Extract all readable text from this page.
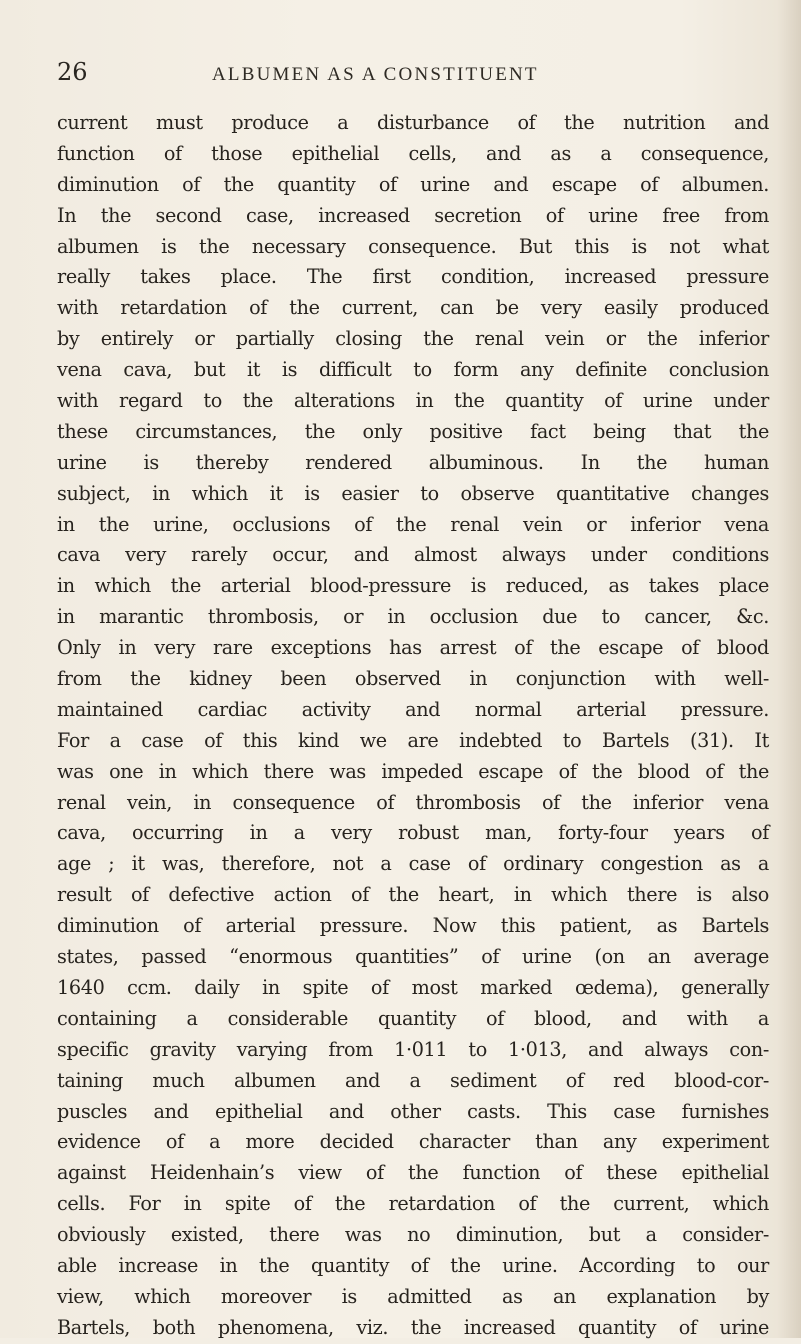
26	ALBUMEN AS A CONSTITUENT
current must produce a disturbance of the nutrition and
function of those epithelial cells, and as a consequence,
diminution of the quantity of urine and escape of albumen.
In the second case, increased secretion of urine free from
albumen is the necessary consequence. But this is not what
really takes place. The first condition, increased pressure
with retardation of the current, can be very easily produced
by entirely or partially closing the renal vein or the inferior
vena cava, but it is difficult to form any definite conclusion
with regard to the alterations in the quantity of urine under
these circumstances, the only positive fact being that the
urine is thereby rendered albuminous. In the human
subject, in which it is easier to observe quantitative changes
in the urine, occlusions of the renal vein or inferior vena
cava very rarely occur, and almost always under conditions
in which the arterial blood-pressure is reduced, as takes place
in marantic thrombosis, or in occlusion due to cancer, &c.
Only in very rare exceptions has arrest of the escape of blood
from the kidney been observed in conjunction with well-
maintained cardiac activity and normal arterial pressure.
For a case of this kind we are indebted to Bartels (31). It
was one in which there was impeded escape of the blood of the
renal vein, in consequence of thrombosis of the inferior vena
cava, occurring in a very robust man, forty-four years of
age ; it was, therefore, not a case of ordinary congestion as a
result of defective action of the heart, in which there is also
diminution of arterial pressure. Now this patient, as Bartels
states, passed “enormous quantities” of urine (on an average
1640 ccm. daily in spite of most marked œdema), generally
containing a considerable quantity of blood, and with a
specific gravity varying from 1·011 to 1·013, and always con-
taining much albumen and a sediment of red blood-cor-
puscles and epithelial and other casts. This case furnishes
evidence of a more decided character than any experiment
against Heidenhain’s view of the function of these epithelial
cells. For in spite of the retardation of the current, which
obviously existed, there was no diminution, but a consider-
able increase in the quantity of the urine. According to our
view, which moreover is admitted as an explanation by
Bartels, both phenomena, viz. the increased quantity of urine
